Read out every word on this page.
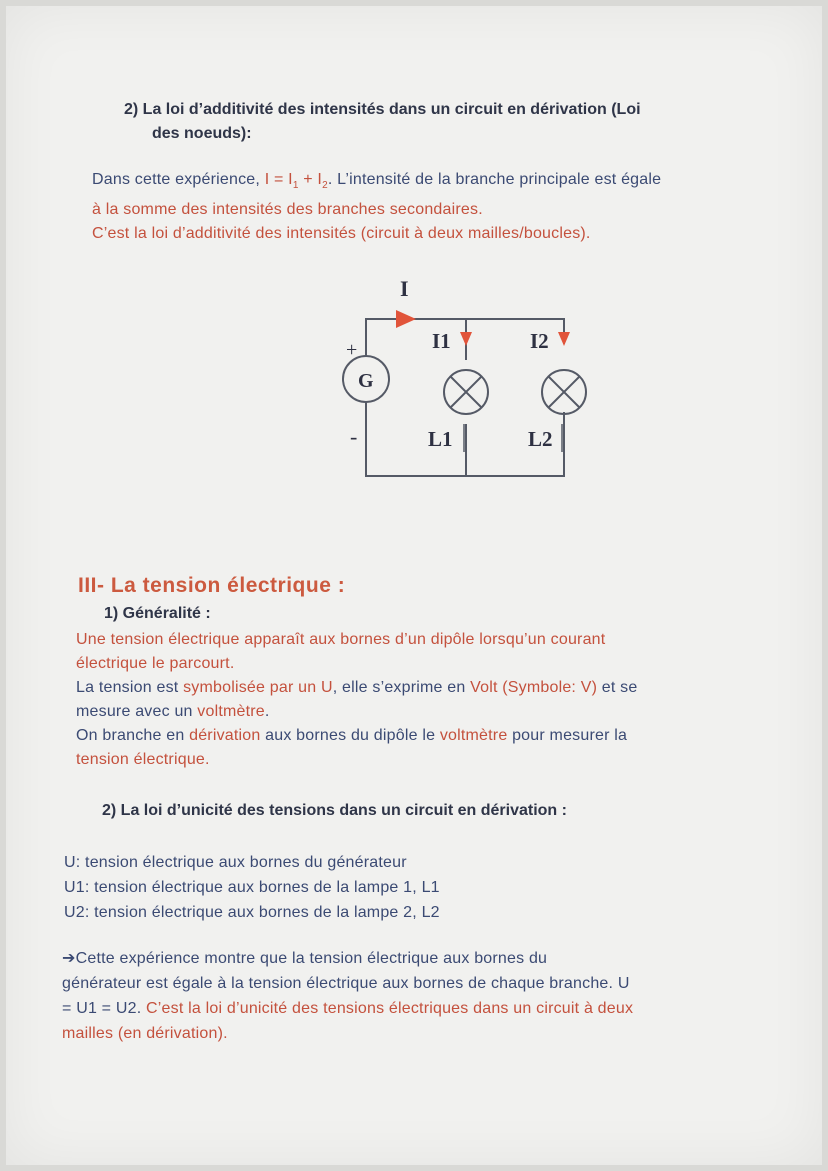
2) La loi d’additivité des intensités dans un circuit en dérivation (Loi
des noeuds):
Dans cette expérience, $I = I_1 + I_2$. L’intensité de la branche principale est égale
à la somme des intensités des branches secondaires.
C’est la loi d’additivité des intensités (circuit à deux mailles/boucles).
I
I1	I2
G
+
-	L1	L2
III- La tension électrique :
1) Généralité :
Une tension électrique apparaît aux bornes d’un dipôle lorsqu’un courant
électrique le parcourt.
La tension est symbolisée par un U, elle s’exprime en Volt (Symbole: V) et se
mesure avec un voltmètre.
On branche en dérivation aux bornes du dipôle le voltmètre pour mesurer la
tension électrique.
2) La loi d’unicité des tensions dans un circuit en dérivation :
U: tension électrique aux bornes du générateur
U1: tension électrique aux bornes de la lampe 1, L1
U2: tension électrique aux bornes de la lampe 2, L2
➔Cette expérience montre que la tension électrique aux bornes du
générateur est égale à la tension électrique aux bornes de chaque branche. U
= U1 = U2. C’est la loi d’unicité des tensions électriques dans un circuit à deux
mailles (en dérivation).
